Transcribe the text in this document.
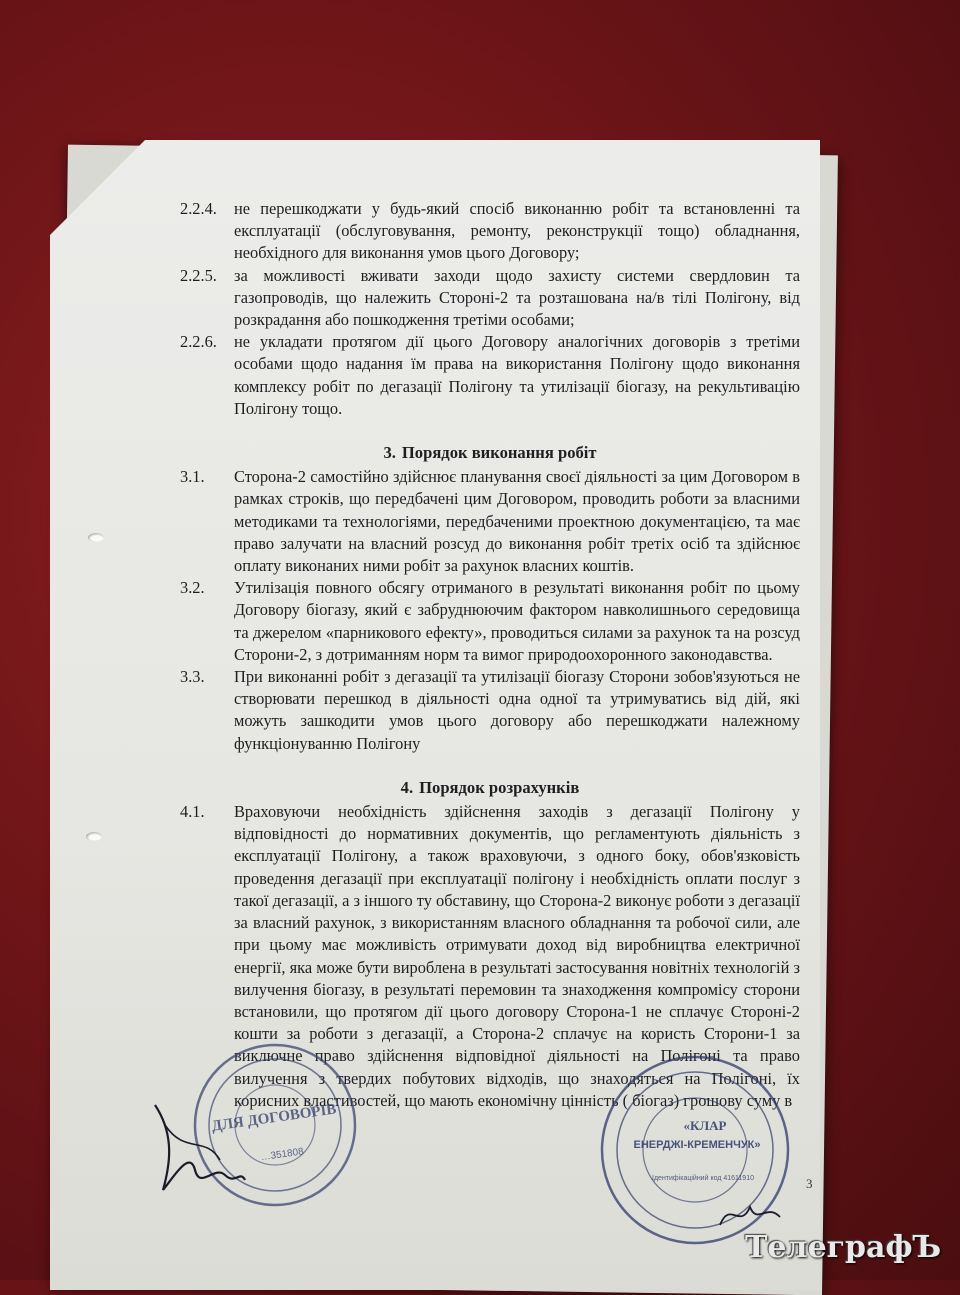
2.2.4.	не перешкоджати у будь-який спосіб виконанню робіт та встановленні та експлуатації (обслуговування, ремонту, реконструкції тощо) обладнання, необхідного для виконання умов цього Договору;
2.2.5.	за можливості вживати заходи щодо захисту системи свердловин та газопроводів, що належить Стороні-2 та розташована на/в тілі Полігону, від розкрадання або пошкодження третіми особами;
2.2.6.	не укладати протягом дії цього Договору аналогічних договорів з третіми особами щодо надання їм права на використання Полігону щодо виконання комплексу робіт по дегазації Полігону та утилізації біогазу, на рекультивацію Полігону тощо.
3. Порядок виконання робіт
3.1.	Сторона-2 самостійно здійснює планування своєї діяльності за цим Договором в рамках строків, що передбачені цим Договором, проводить роботи за власними методиками та технологіями, передбаченими проектною документацією, та має право залучати на власний розсуд до виконання робіт третіх осіб та здійснює оплату виконаних ними робіт за рахунок власних коштів.
3.2.	Утилізація повного обсягу отриманого в результаті виконання робіт по цьому Договору біогазу, який є забруднюючим фактором навколишнього середовища та джерелом «парникового ефекту», проводиться силами за рахунок та на розсуд Сторони-2, з дотриманням норм та вимог природоохоронного законодавства.
3.3.	При виконанні робіт з дегазації та утилізації біогазу Сторони зобов'язуються не створювати перешкод в діяльності одна одної та утримуватись від дій, які можуть зашкодити умов цього договору або перешкоджати належному функціонуванню Полігону
4. Порядок розрахунків
4.1.	Враховуючи необхідність здійснення заходів з дегазації Полігону у відповідності до нормативних документів, що регламентують діяльність з експлуатації Полігону, а також враховуючи, з одного боку, обов'язковість проведення дегазації при експлуатації полігону і необхідність оплати послуг з такої дегазації, а з іншого ту обставину, що Сторона-2 виконує роботи з дегазації за власний рахунок, з використанням власного обладнання та робочої сили, але при цьому має можливість отримувати доход від виробництва електричної енергії, яка може бути вироблена в результаті застосування новітніх технологій з вилучення біогазу, в результаті перемовин та знаходження компромісу сторони встановили, що протягом дії цього договору Сторона-1 не сплачує Стороні-2 кошти за роботи з дегазації, а Сторона-2 сплачує на користь Сторони-1 за виключне право здійснення відповідної діяльності на Полігоні та право вилучення з твердих побутових відходів, що знаходяться на Полігоні, їх корисних властивостей, що мають економічну цінність ( біогаз) грошову суму в
3
ДЛЯ ДОГОВОРІВ
…351808
«КЛАР
ЕНЕРДЖІ-КРЕМЕНЧУК»
Ідентифікаційний код 41611910
ТелеграфЪ
